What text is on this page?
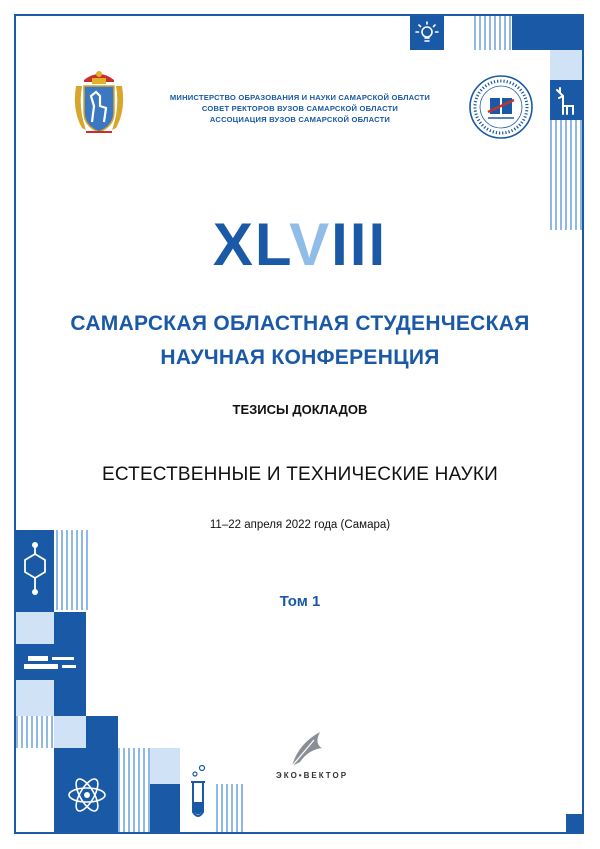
МИНИСТЕРСТВО ОБРАЗОВАНИЯ И НАУКИ САМАРСКОЙ ОБЛАСТИ
СОВЕТ РЕКТОРОВ ВУЗОВ САМАРСКОЙ ОБЛАСТИ
АССОЦИАЦИЯ ВУЗОВ САМАРСКОЙ ОБЛАСТИ
XLVIII
САМАРСКАЯ ОБЛАСТНАЯ СТУДЕНЧЕСКАЯ
НАУЧНАЯ КОНФЕРЕНЦИЯ
ТЕЗИСЫ ДОКЛАДОВ
ЕСТЕСТВЕННЫЕ И ТЕХНИЧЕСКИЕ НАУКИ
11–22 апреля 2022 года (Самара)
Том 1
ЭКО•ВЕКТОР
